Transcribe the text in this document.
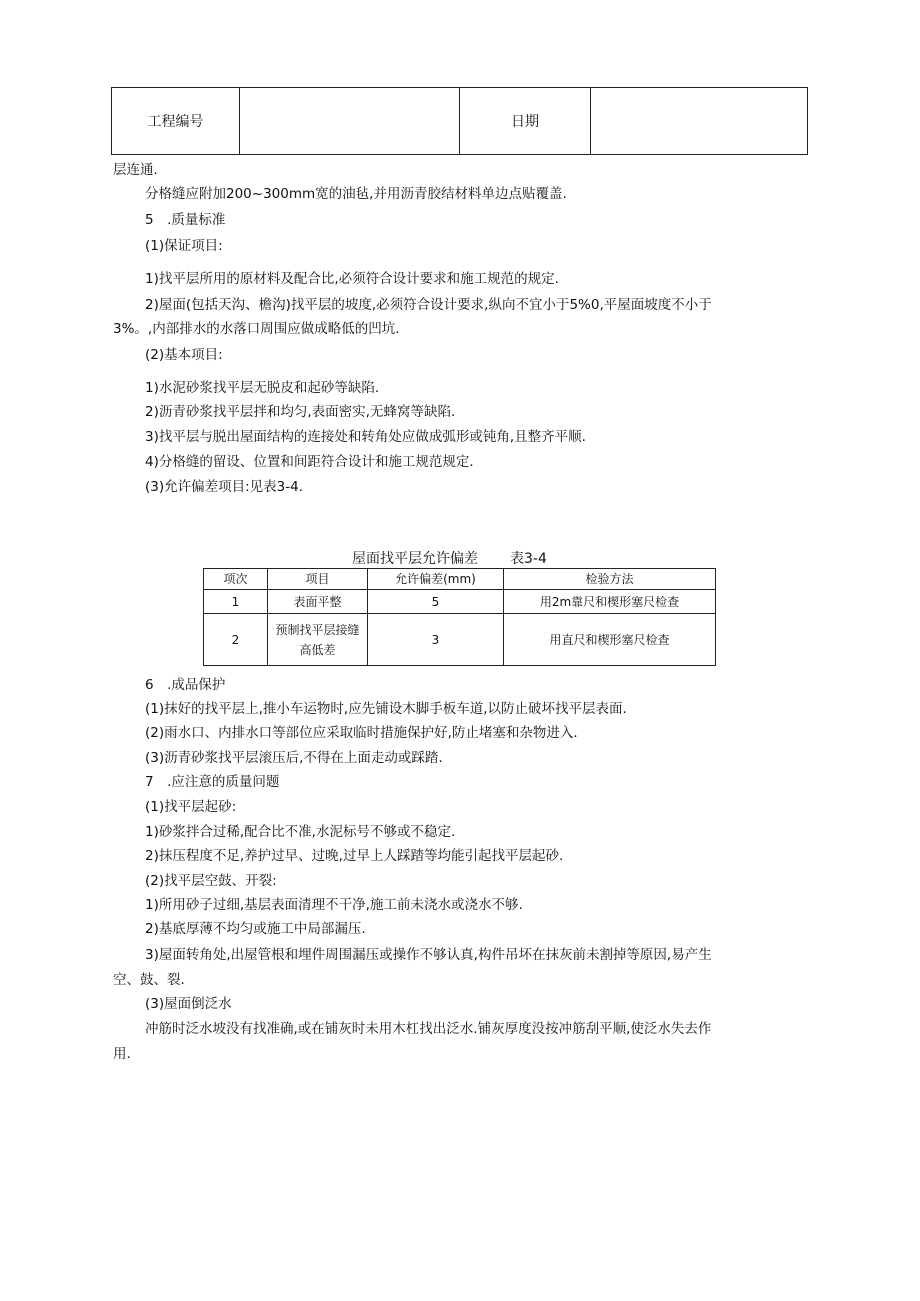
工程编号		日期	
层连通.
分格缝应附加200~300mm宽的油毡,并用沥青胶结材料单边点贴覆盖.
5　.质量标准
(1)保证项目:
1)找平层所用的原材料及配合比,必须符合设计要求和施工规范的规定.
2)屋面(包括天沟、檐沟)找平层的坡度,必须符合设计要求,纵向不宜小于5%0,平屋面坡度不小于
3%。,内部排水的水落口周围应做成略低的凹坑.
(2)基本项目:
1)水泥砂浆找平层无脱皮和起砂等缺陷.
2)沥青砂浆找平层拌和均匀,表面密实,无蜂窝等缺陷.
3)找平层与脱出屋面结构的连接处和转角处应做成弧形或钝角,且整齐平顺.
4)分格缝的留设、位置和间距符合设计和施工规范规定.
(3)允许偏差项目:见表3-4.
屋面找平层允许偏差 表3-4
项次	项目	允许偏差(mm)	检验方法
1	表面平整	5	用2m靠尺和楔形塞尺检查
2	预制找平层接缝高低差	3	用直尺和楔形塞尺检查
6　.成品保护
(1)抹好的找平层上,推小车运物时,应先铺设木脚手板车道,以防止破坏找平层表面.
(2)雨水口、内排水口等部位应采取临时措施保护好,防止堵塞和杂物进入.
(3)沥青砂浆找平层滚压后,不得在上面走动或踩踏.
7　.应注意的质量问题
(1)找平层起砂:
1)砂浆拌合过稀,配合比不准,水泥标号不够或不稳定.
2)抹压程度不足,养护过早、过晚,过早上人踩踏等均能引起找平层起砂.
(2)找平层空鼓、开裂:
1)所用砂子过细,基层表面清理不干净,施工前未浇水或浇水不够.
2)基底厚薄不均匀或施工中局部漏压.
3)屋面转角处,出屋管根和埋件周围漏压或操作不够认真,构件吊坏在抹灰前未割掉等原因,易产生
空、鼓、裂.
(3)屋面倒泛水
冲筋时泛水坡没有找准确,或在铺灰时未用木杠找出泛水.铺灰厚度没按冲筋刮平顺,使泛水失去作
用.
